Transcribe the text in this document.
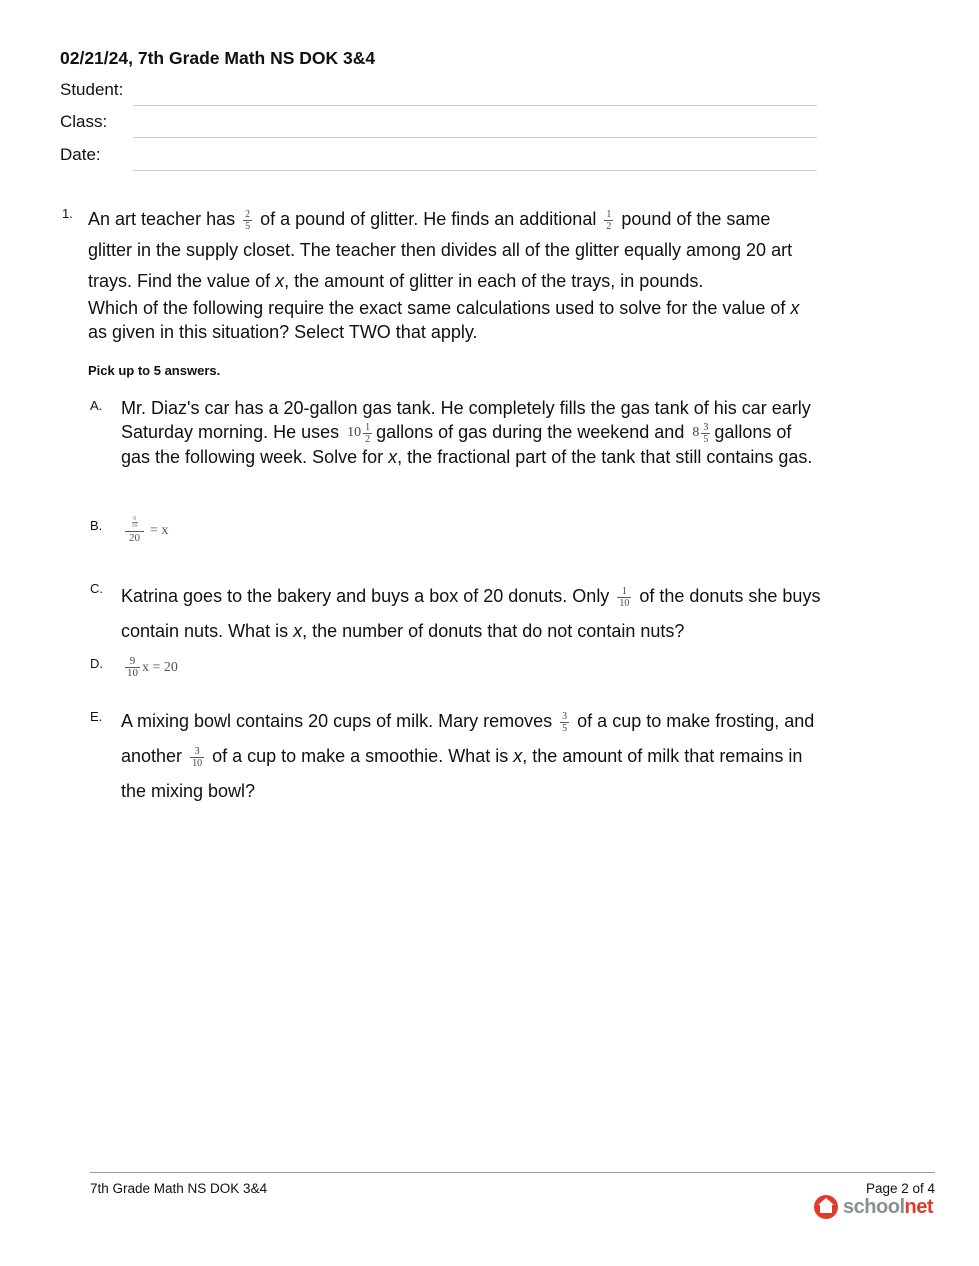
02/21/24, 7th Grade Math NS DOK 3&4
Student:
Class:
Date:
1. An art teacher has $\frac{2}{5}$ of a pound of glitter. He finds an additional $\frac{1}{2}$ pound of the same glitter in the supply closet. The teacher then divides all of the glitter equally among 20 art trays. Find the value of x, the amount of glitter in each of the trays, in pounds.

Which of the following require the exact same calculations used to solve for the value of x as given in this situation? Select TWO that apply.

Pick up to 5 answers.
A. Mr. Diaz's car has a 20-gallon gas tank. He completely fills the gas tank of his car early Saturday morning. He uses $10 \frac{1}{2}$ gallons of gas during the weekend and $8 \frac{3}{5}$ gallons of gas the following week. Solve for x, the fractional part of the tank that still contains gas.

B.	9
10
20
= x
C. Katrina goes to the bakery and buys a box of 20 donuts. Only $\frac{1}{10}$ of the donuts she buys contain nuts. What is x, the number of donuts that do not contain nuts?

D. $\frac{9}{10}$ x = 20
E. A mixing bowl contains 20 cups of milk. Mary removes $\frac{3}{5}$ of a cup to make frosting, and another $\frac{3}{10}$ of a cup to make a smoothie. What is x, the amount of milk that remains in the mixing bowl?

7th Grade Math NS DOK 3&4	Page 2 of 4
schoolnet
